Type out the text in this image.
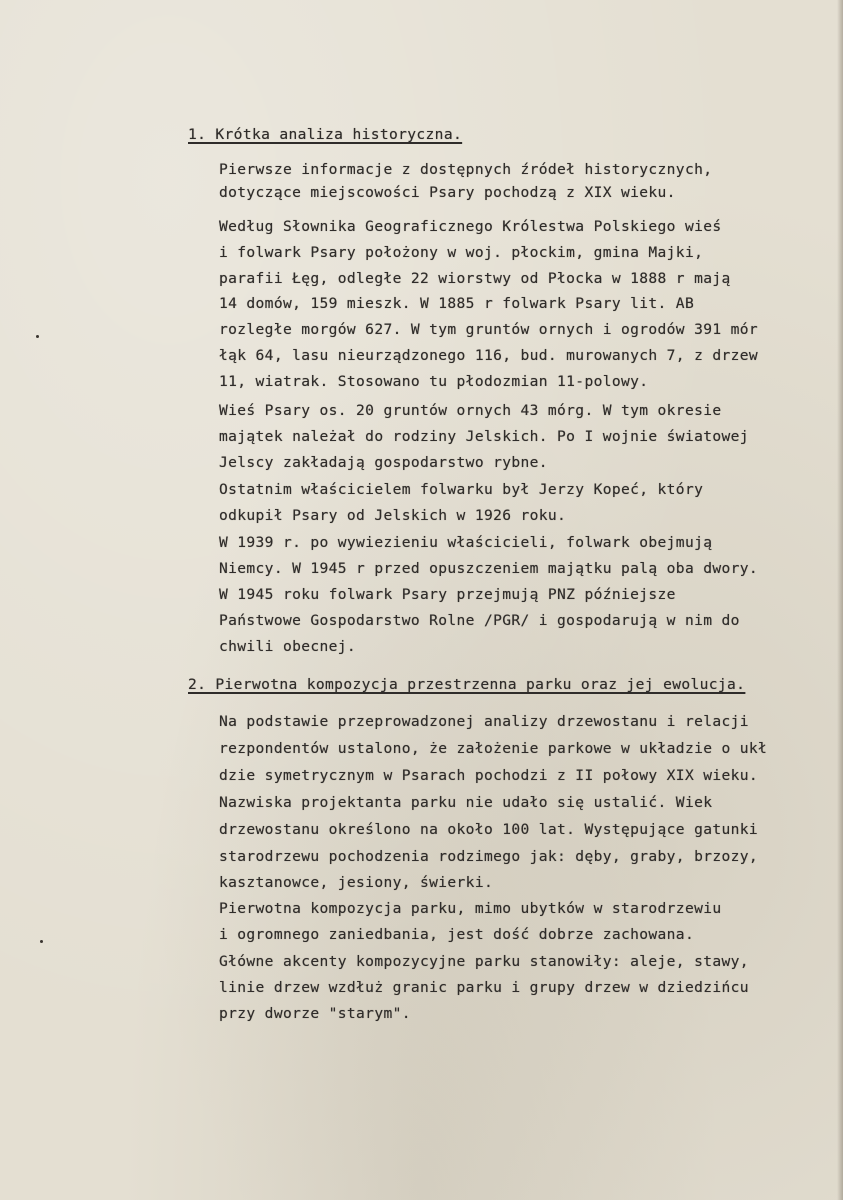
1. Krótka analiza historyczna.
Pierwsze informacje z dostępnych źródeł historycznych,
dotyczące miejscowości Psary pochodzą z XIX wieku.
Według Słownika Geograficznego Królestwa Polskiego wieś
i folwark Psary położony w woj. płockim, gmina Majki,
parafii Łęg, odległe 22 wiorstwy od Płocka w 1888 r mają
14 domów, 159 mieszk. W 1885 r folwark Psary lit. AB
rozległe morgów 627. W tym gruntów ornych i ogrodów 391 mór
łąk 64, lasu nieurządzonego 116, bud. murowanych 7, z drzew
11, wiatrak. Stosowano tu płodozmian 11-polowy.
Wieś Psary os. 20 gruntów ornych 43 mórg. W tym okresie
majątek należał do rodziny Jelskich. Po I wojnie światowej
Jelscy zakładają gospodarstwo rybne.
Ostatnim właścicielem folwarku był Jerzy Kopeć, który
odkupił Psary od Jelskich w 1926 roku.
W 1939 r. po wywiezieniu właścicieli, folwark obejmują
Niemcy. W 1945 r przed opuszczeniem majątku palą oba dwory.
W 1945 roku folwark Psary przejmują PNZ późniejsze
Państwowe Gospodarstwo Rolne /PGR/ i gospodarują w nim do
chwili obecnej.
2. Pierwotna kompozycja przestrzenna parku oraz jej ewolucja.
Na podstawie przeprowadzonej analizy drzewostanu i relacji
rezpondentów ustalono, że założenie parkowe w układzie o ukł
dzie symetrycznym w Psarach pochodzi z II połowy XIX wieku.
Nazwiska projektanta parku nie udało się ustalić. Wiek
drzewostanu określono na około 100 lat. Występujące gatunki
starodrzewu pochodzenia rodzimego jak: dęby, graby, brzozy,
kasztanowce, jesiony, świerki.
Pierwotna kompozycja parku, mimo ubytków w starodrzewiu
i ogromnego zaniedbania, jest dość dobrze zachowana.
Główne akcenty kompozycyjne parku stanowiły: aleje, stawy,
linie drzew wzdłuż granic parku i grupy drzew w dziedzińcu
przy dworze "starym".
